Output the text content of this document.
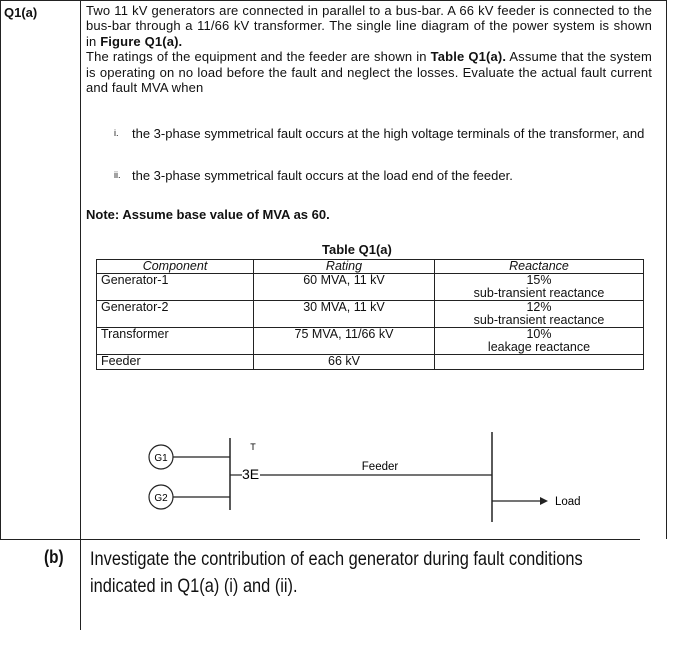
Q1(a)	Two 11 kV generators are connected in parallel to a bus-bar. A 66 kV feeder is connected to the bus-bar through a 11/66 kV transformer. The single line diagram of the power system is shown in Figure Q1(a).
The ratings of the equipment and the feeder are shown in Table Q1(a). Assume that the system is operating on no load before the fault and neglect the losses. Evaluate the actual fault current and fault MVA when
i. the 3-phase symmetrical fault occurs at the high voltage terminals of the transformer, and
ii. the 3-phase symmetrical fault occurs at the load end of the feeder.
Note: Assume base value of MVA as 60.
Table Q1(a)
Component	Rating	Reactance
Generator-1	60 MVA, 11 kV	15%
sub-transient reactance
Generator-2	30 MVA, 11 kV	12%
sub-transient reactance
Transformer	75 MVA, 11/66 kV	10%
leakage reactance
Feeder	66 kV	
G1
G2
T
3E	Feeder
Load
(b) Investigate the contribution of each generator during fault conditions
indicated in Q1(a) (i) and (ii).
